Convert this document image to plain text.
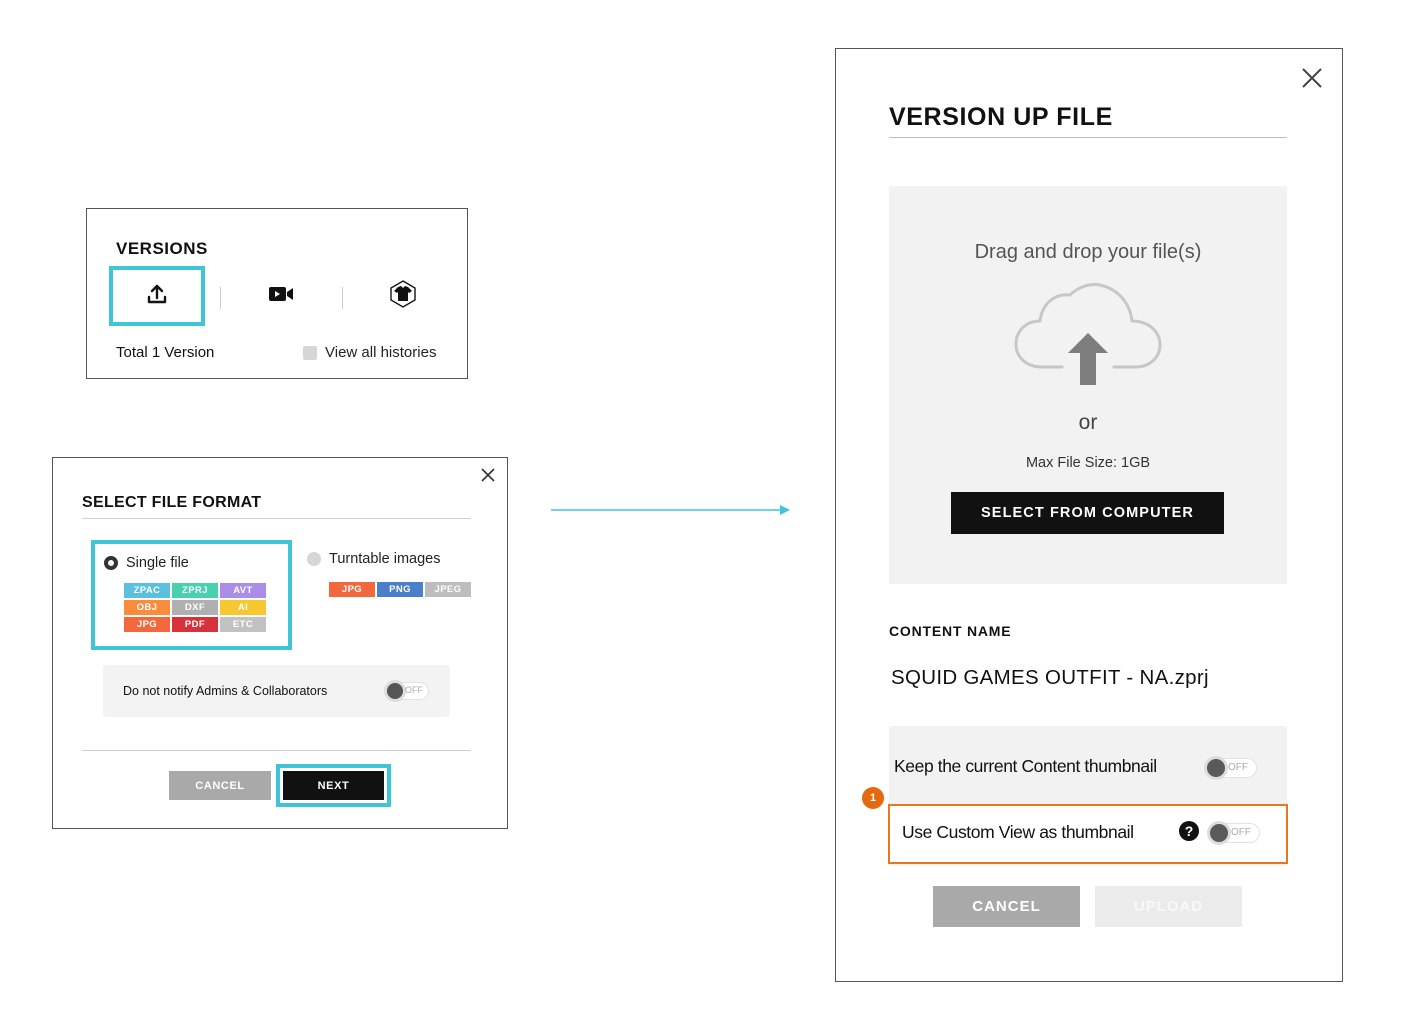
VERSIONS
Total 1 Version	View all histories
SELECT FILE FORMAT
Single file
ZPAC	ZPRJ	AVT
OBJ	DXF	AI
JPG	PDF	ETC
Turntable images
JPG	PNG	JPEG
Do not notify Admins & Collaborators	OFF
CANCEL	NEXT
VERSION UP FILE
Drag and drop your file(s)
or
Max File Size: 1GB
SELECT FROM COMPUTER
CONTENT NAME
SQUID GAMES OUTFIT - NA.zprj
Keep the current Content thumbnail	OFF
1
Use Custom View as thumbnail	?	OFF
CANCEL	UPLOAD
